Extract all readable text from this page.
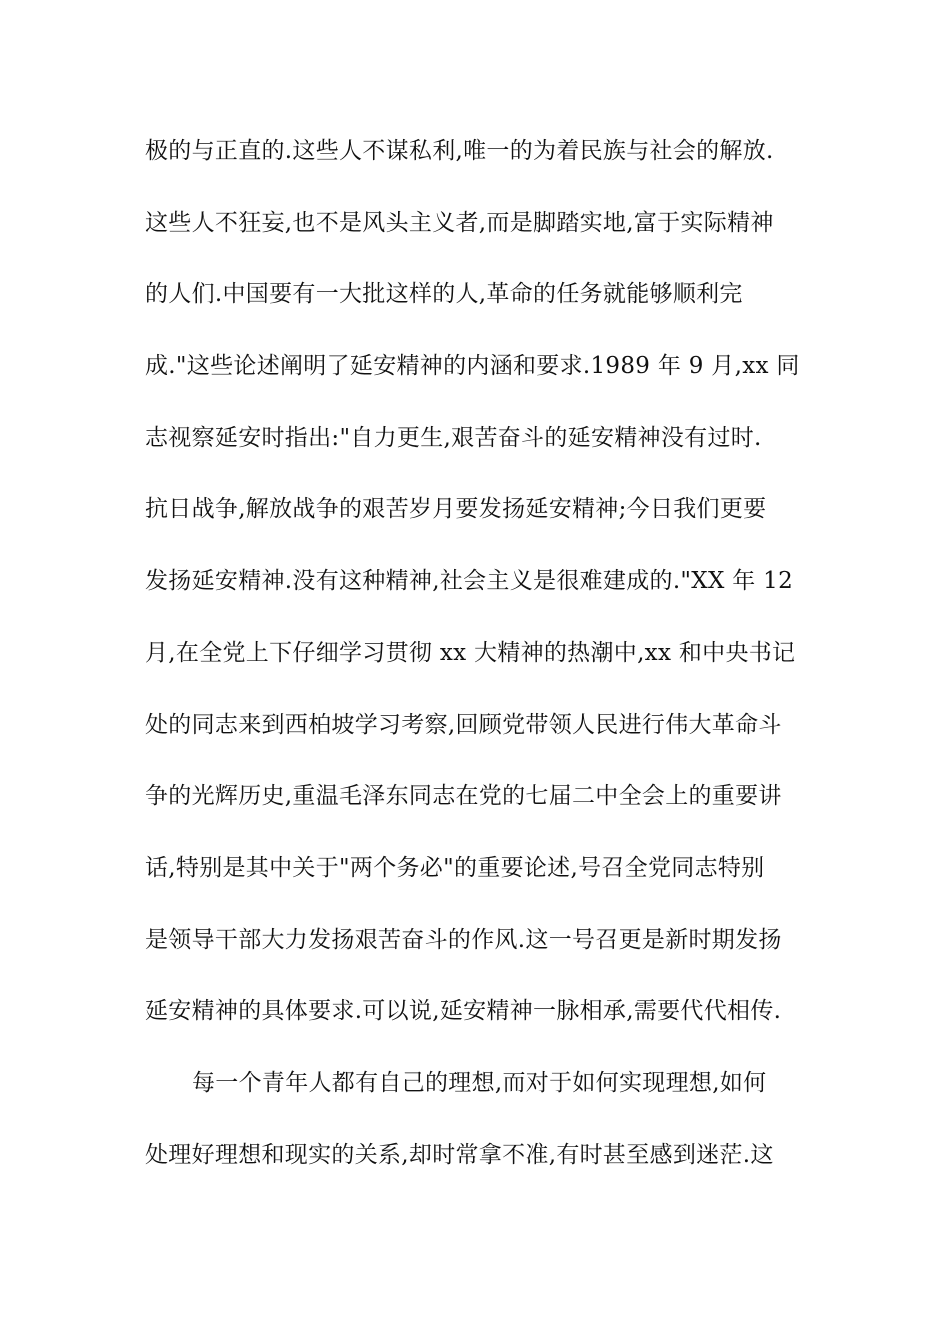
极的与正直的.这些人不谋私利,唯一的为着民族与社会的解放.
这些人不狂妄,也不是风头主义者,而是脚踏实地,富于实际精神
的人们.中国要有一大批这样的人,革命的任务就能够顺利完
成."这些论述阐明了延安精神的内涵和要求.1989 年 9 月,xx 同
志视察延安时指出:"自力更生,艰苦奋斗的延安精神没有过时.
抗日战争,解放战争的艰苦岁月要发扬延安精神;今日我们更要
发扬延安精神.没有这种精神,社会主义是很难建成的."XX 年 12
月,在全党上下仔细学习贯彻 xx 大精神的热潮中,xx 和中央书记
处的同志来到西柏坡学习考察,回顾党带领人民进行伟大革命斗
争的光辉历史,重温毛泽东同志在党的七届二中全会上的重要讲
话,特别是其中关于"两个务必"的重要论述,号召全党同志特别
是领导干部大力发扬艰苦奋斗的作风.这一号召更是新时期发扬
延安精神的具体要求.可以说,延安精神一脉相承,需要代代相传.
每一个青年人都有自己的理想,而对于如何实现理想,如何
处理好理想和现实的关系,却时常拿不准,有时甚至感到迷茫.这
